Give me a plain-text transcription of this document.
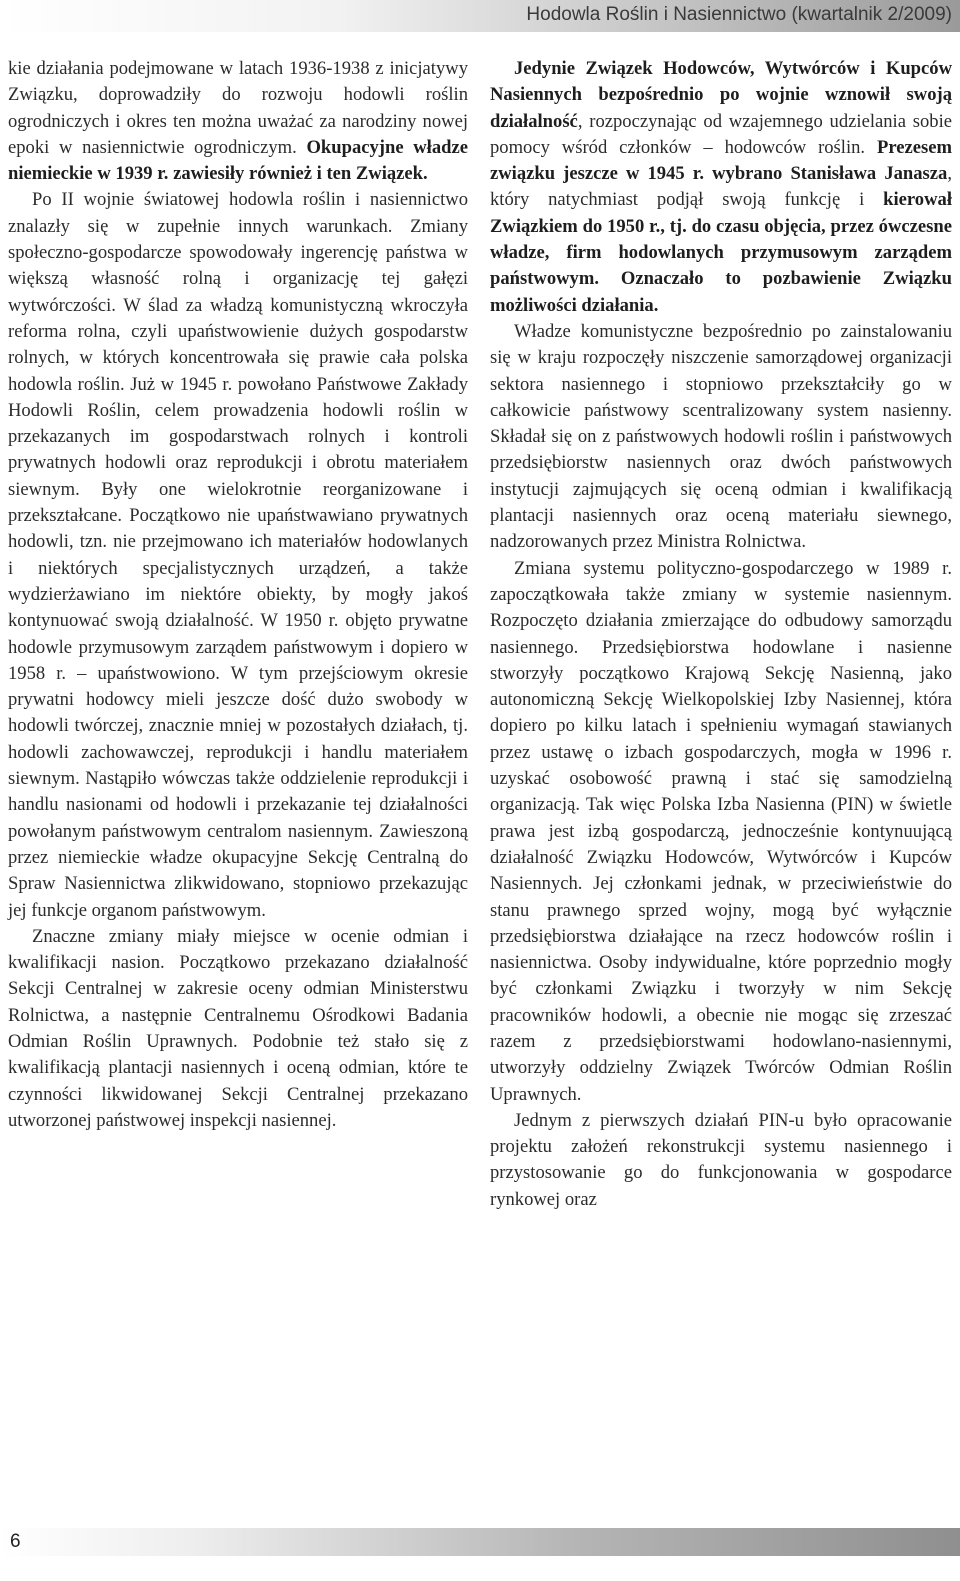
Hodowla Roślin i Nasiennictwo (kwartalnik 2/2009)

kie działania podejmowane w latach 1936-1938 z inicjatywy Związku, doprowadziły do rozwoju hodowli roślin ogrodniczych i okres ten można uważać za narodziny nowej epoki w nasiennictwie ogrodniczym. Okupacyjne władze niemieckie w 1939 r. zawiesiły również i ten Związek.

Po II wojnie światowej hodowla roślin i nasiennictwo znalazły się w zupełnie innych warunkach. Zmiany społeczno-gospodarcze spowodowały ingerencję państwa w większą własność rolną i organizację tej gałęzi wytwórczości. W ślad za władzą komunistyczną wkroczyła reforma rolna, czyli upaństwowienie dużych gospodarstw rolnych, w których koncentrowała się prawie cała polska hodowla roślin. Już w 1945 r. powołano Państwowe Zakłady Hodowli Roślin, celem prowadzenia hodowli roślin w przekazanych im gospodarstwach rolnych i kontroli prywatnych hodowli oraz reprodukcji i obrotu materiałem siewnym. Były one wielokrotnie reorganizowane i przekształcane. Początkowo nie upaństwawiano prywatnych hodowli, tzn. nie przejmowano ich materiałów hodowlanych i niektórych specjalistycznych urządzeń, a także wydzierżawiano im niektóre obiekty, by mogły jakoś kontynuować swoją działalność. W 1950 r. objęto prywatne hodowle przymusowym zarządem państwowym i dopiero w 1958 r. – upaństwowiono. W tym przejściowym okresie prywatni hodowcy mieli jeszcze dość dużo swobody w hodowli twórczej, znacznie mniej w pozostałych działach, tj. hodowli zachowawczej, reprodukcji i handlu materiałem siewnym. Nastąpiło wówczas także oddzielenie reprodukcji i handlu nasionami od hodowli i przekazanie tej działalności powołanym państwowym centralom nasiennym. Zawieszoną przez niemieckie władze okupacyjne Sekcję Centralną do Spraw Nasiennictwa zlikwidowano, stopniowo przekazując jej funkcje organom państwowym.

Znaczne zmiany miały miejsce w ocenie odmian i kwalifikacji nasion. Początkowo przekazano działalność Sekcji Centralnej w zakresie oceny odmian Ministerstwu Rolnictwa, a następnie Centralnemu Ośrodkowi Badania Odmian Roślin Uprawnych. Podobnie też stało się z kwalifikacją plantacji nasiennych i oceną odmian, które te czynności likwidowanej Sekcji Centralnej przekazano utworzonej państwowej inspekcji nasiennej.

Jedynie Związek Hodowców, Wytwórców i Kupców Nasiennych bezpośrednio po wojnie wznowił swoją działalność, rozpoczynając od wzajemnego udzielania sobie pomocy wśród członków – hodowców roślin. Prezesem związku jeszcze w 1945 r. wybrano Stanisława Janasza, który natychmiast podjął swoją funkcję i kierował Związkiem do 1950 r., tj. do czasu objęcia, przez ówczesne władze, firm hodowlanych przymusowym zarządem państwowym. Oznaczało to pozbawienie Związku możliwości działania.

Władze komunistyczne bezpośrednio po zainstalowaniu się w kraju rozpoczęły niszczenie samorządowej organizacji sektora nasiennego i stopniowo przekształciły go w całkowicie państwowy scentralizowany system nasienny. Składał się on z państwowych hodowli roślin i państwowych przedsiębiorstw nasiennych oraz dwóch państwowych instytucji zajmujących się oceną odmian i kwalifikacją plantacji nasiennych oraz oceną materiału siewnego, nadzorowanych przez Ministra Rolnictwa.

Zmiana systemu polityczno-gospodarczego w 1989 r. zapoczątkowała także zmiany w systemie nasiennym. Rozpoczęto działania zmierzające do odbudowy samorządu nasiennego. Przedsiębiorstwa hodowlane i nasienne stworzyły początkowo Krajową Sekcję Nasienną, jako autonomiczną Sekcję Wielkopolskiej Izby Nasiennej, która dopiero po kilku latach i spełnieniu wymagań stawianych przez ustawę o izbach gospodarczych, mogła w 1996 r. uzyskać osobowość prawną i stać się samodzielną organizacją. Tak więc Polska Izba Nasienna (PIN) w świetle prawa jest izbą gospodarczą, jednocześnie kontynuującą działalność Związku Hodowców, Wytwórców i Kupców Nasiennych. Jej członkami jednak, w przeciwieństwie do stanu prawnego sprzed wojny, mogą być wyłącznie przedsiębiorstwa działające na rzecz hodowców roślin i nasiennictwa. Osoby indywidualne, które poprzednio mogły być członkami Związku i tworzyły w nim Sekcję pracowników hodowli, a obecnie nie mogąc się zrzeszać razem z przedsiębiorstwami hodowlano-nasiennymi, utworzyły oddzielny Związek Twórców Odmian Roślin Uprawnych.

Jednym z pierwszych działań PIN-u było opracowanie projektu założeń rekonstrukcji systemu nasiennego i przystosowanie go do funkcjonowania w gospodarce rynkowej oraz

6
